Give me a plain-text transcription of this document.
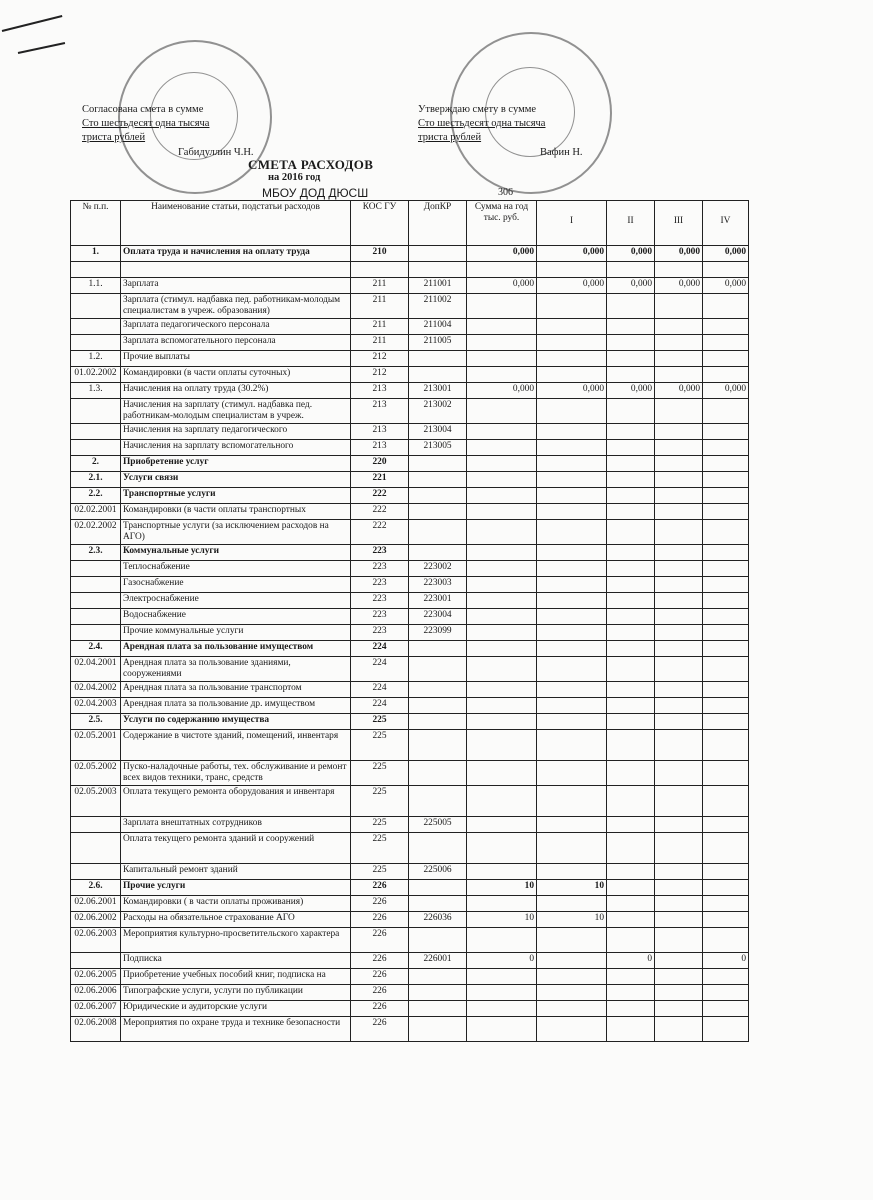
Согласована смета в сумме
Сто шестьдесят одна тысяча
триста рублей
Габидуллин Ч.Н.
Утверждаю смету в сумме
Сто шестьдесят одна тысяча
триста рублей
Вафин Н.
СМЕТА РАСХОДОВ
на 2016 год
МБОУ ДОД ДЮСШ	306
№ п.п.	Наименование статьи, подстатьи расходов	КОС ГУ	ДопКР	Сумма на год тыс. руб.	I	II	III	IV

1.	Оплата труда и начисления на оплату труда	210		0,000	0,000	0,000	0,000	0,000

1.1.	Зарплата	211	211001	0,000	0,000	0,000	0,000	0,000
	Зарплата (стимул. надбавка пед. работникам-молодым специалистам в учреж. образования)	211	211002					
	Зарплата педагогического персонала	211	211004					
	Зарплата вспомогательного персонала	211	211005					
1.2.	Прочие выплаты	212						
01.02.2002	Командировки (в части оплаты суточных)	212						
1.3.	Начисления на оплату труда (30.2%)	213	213001	0,000	0,000	0,000	0,000	0,000
	Начисления на зарплату (стимул. надбавка пед. работникам-молодым специалистам в учреж.	213	213002					
	Начисления на зарплату педагогического	213	213004					
	Начисления на зарплату вспомогательного	213	213005					
2.	Приобретение услуг	220						
2.1.	Услуги связи	221						
2.2.	Транспортные услуги	222						
02.02.2001	Командировки (в части оплаты транспортных	222						
02.02.2002	Транспортные услуги (за исключением расходов на АГО)	222						
2.3.	Коммунальные услуги	223						
	Теплоснабжение	223	223002					
	Газоснабжение	223	223003					
	Электроснабжение	223	223001					
	Водоснабжение	223	223004					
	Прочие коммунальные услуги	223	223099					
2.4.	Арендная плата за пользование имуществом	224						
02.04.2001	Арендная плата за пользование зданиями, сооружениями	224						
02.04.2002	Арендная плата за пользование транспортом	224						
02.04.2003	Арендная плата за пользование др. имуществом	224						
2.5.	Услуги по содержанию имущества	225						
02.05.2001	Содержание в чистоте зданий, помещений, инвентаря	225						
02.05.2002	Пуско-наладочные работы, тех. обслуживание и ремонт всех видов техники, транс, средств	225						
02.05.2003	Оплата текущего ремонта оборудования и инвентаря	225						
	Зарплата внештатных сотрудников	225	225005					
	Оплата текущего ремонта зданий и сооружений	225						
	Капитальный ремонт зданий	225	225006					
2.6.	Прочие услуги	226		10	10			
02.06.2001	Командировки ( в части оплаты проживания)	226						
02.06.2002	Расходы на обязательное страхование АГО	226	226036	10	10			
02.06.2003	Мероприятия культурно-просветительского характера	226						
	Подписка	226	226001	0		0		0
02.06.2005	Приобретение учебных пособий книг, подписка на	226						
02.06.2006	Типографские услуги, услуги по публикации	226						
02.06.2007	Юридические и аудиторские услуги	226						
02.06.2008	Мероприятия по охране труда и технике безопасности	226						
